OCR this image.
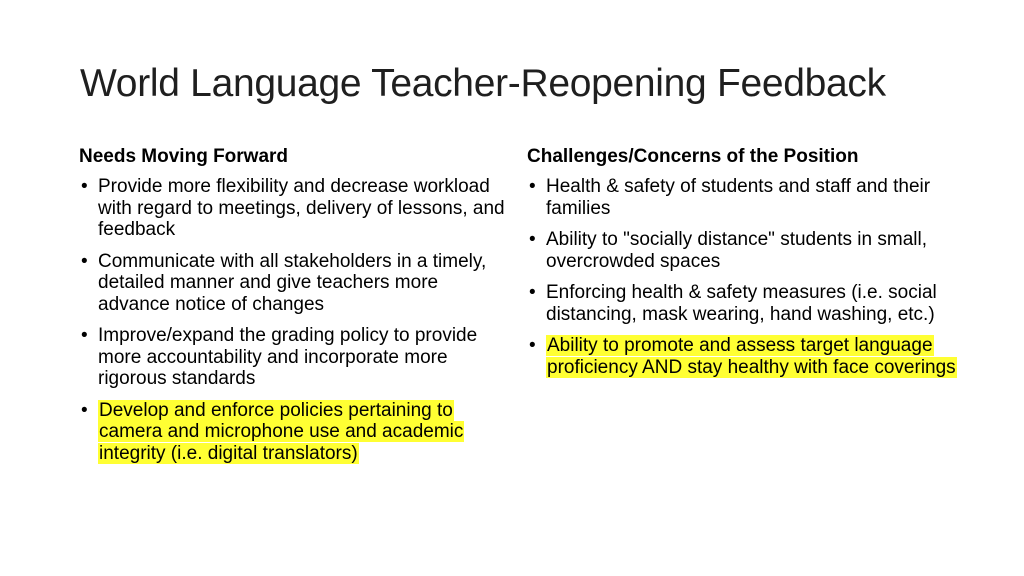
World Language Teacher-Reopening Feedback
Needs Moving Forward
• Provide more flexibility and decrease workload with regard to meetings, delivery of lessons, and feedback
• Communicate with all stakeholders in a timely, detailed manner and give teachers more advance notice of changes
• Improve/expand the grading policy to provide more accountability and incorporate more rigorous standards
• Develop and enforce policies pertaining to camera and microphone use and academic integrity (i.e. digital translators)
Challenges/Concerns of the Position
• Health & safety of students and staff and their families
• Ability to "socially distance" students in small, overcrowded spaces
• Enforcing health & safety measures (i.e. social distancing, mask wearing, hand washing, etc.)
• Ability to promote and assess target language proficiency AND stay healthy with face coverings
